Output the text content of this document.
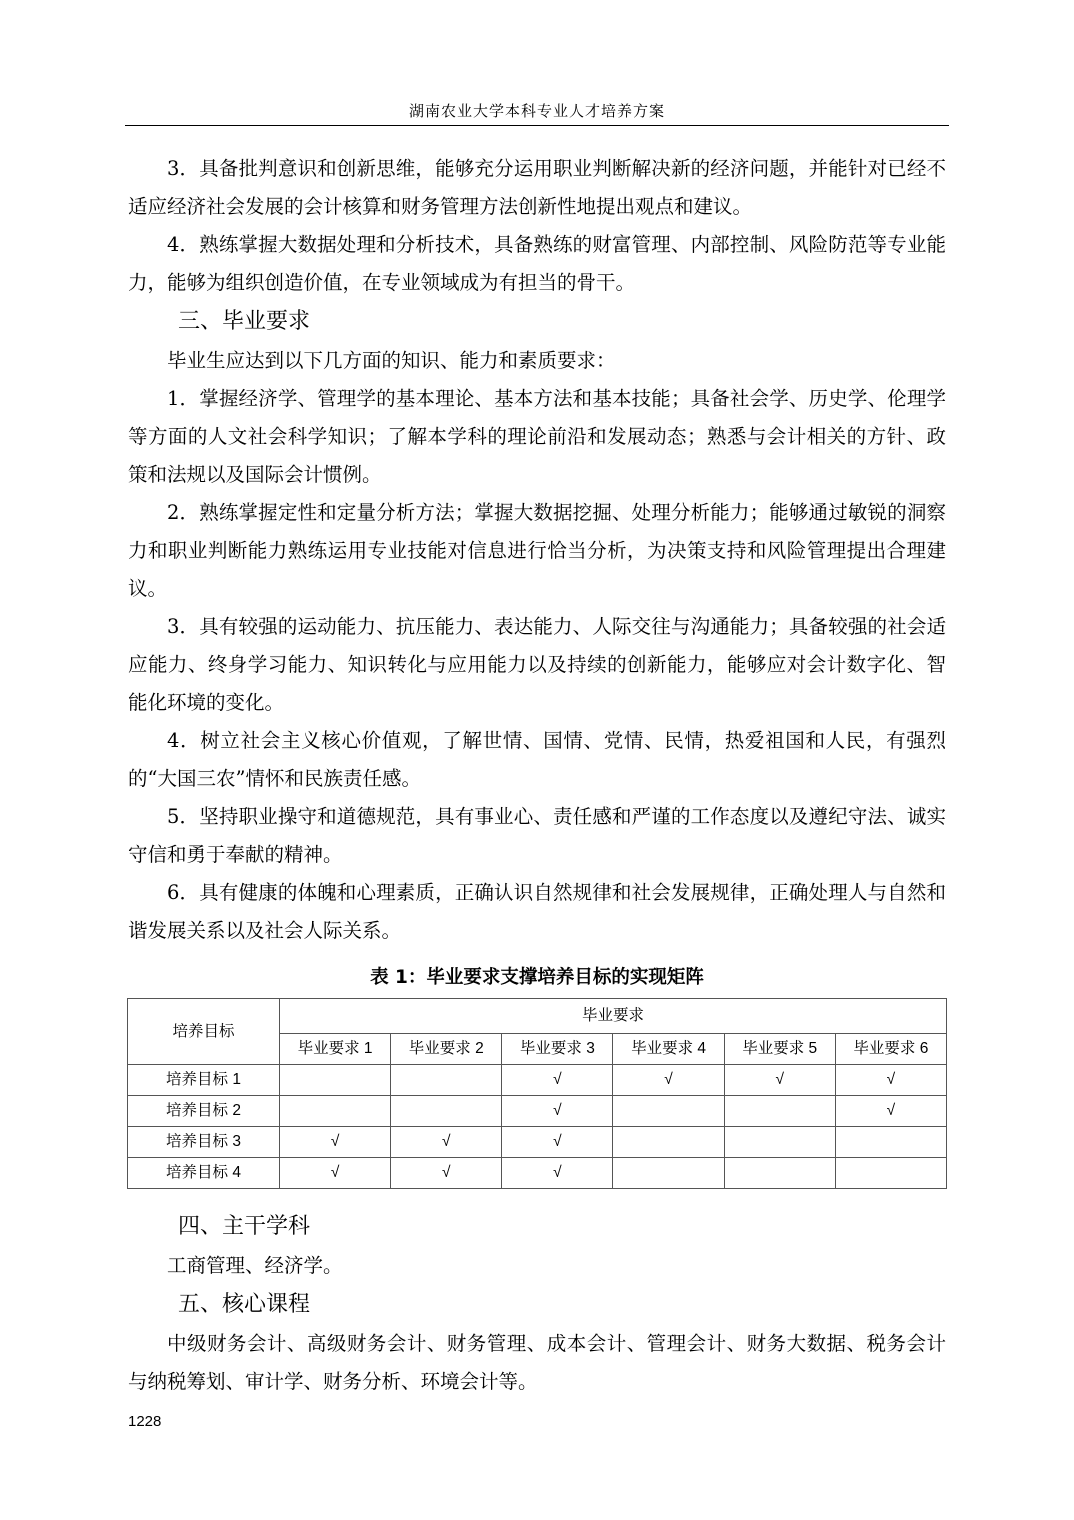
湖南农业大学本科专业人才培养方案

3．具备批判意识和创新思维，能够充分运用职业判断解决新的经济问题，并能针对已经不适应经济社会发展的会计核算和财务管理方法创新性地提出观点和建议。

4．熟练掌握大数据处理和分析技术，具备熟练的财富管理、内部控制、风险防范等专业能力，能够为组织创造价值，在专业领域成为有担当的骨干。

三、毕业要求

毕业生应达到以下几方面的知识、能力和素质要求：

1．掌握经济学、管理学的基本理论、基本方法和基本技能；具备社会学、历史学、伦理学等方面的人文社会科学知识；了解本学科的理论前沿和发展动态；熟悉与会计相关的方针、政策和法规以及国际会计惯例。

2．熟练掌握定性和定量分析方法；掌握大数据挖掘、处理分析能力；能够通过敏锐的洞察力和职业判断能力熟练运用专业技能对信息进行恰当分析，为决策支持和风险管理提出合理建议。

3．具有较强的运动能力、抗压能力、表达能力、人际交往与沟通能力；具备较强的社会适应能力、终身学习能力、知识转化与应用能力以及持续的创新能力，能够应对会计数字化、智能化环境的变化。

4．树立社会主义核心价值观，了解世情、国情、党情、民情，热爱祖国和人民，有强烈的“大国三农”情怀和民族责任感。

5．坚持职业操守和道德规范，具有事业心、责任感和严谨的工作态度以及遵纪守法、诚实守信和勇于奉献的精神。

6．具有健康的体魄和心理素质，正确认识自然规律和社会发展规律，正确处理人与自然和谐发展关系以及社会人际关系。

表 1：毕业要求支撑培养目标的实现矩阵
培养目标	毕业要求					
	毕业要求 1	毕业要求 2	毕业要求 3	毕业要求 4	毕业要求 5	毕业要求 6
培养目标 1			√	√	√	√
培养目标 2			√			√
培养目标 3	√	√	√			
培养目标 4	√	√	√			
四、主干学科

工商管理、经济学。

五、核心课程

中级财务会计、高级财务会计、财务管理、成本会计、管理会计、财务大数据、税务会计与纳税筹划、审计学、财务分析、环境会计等。

1228
